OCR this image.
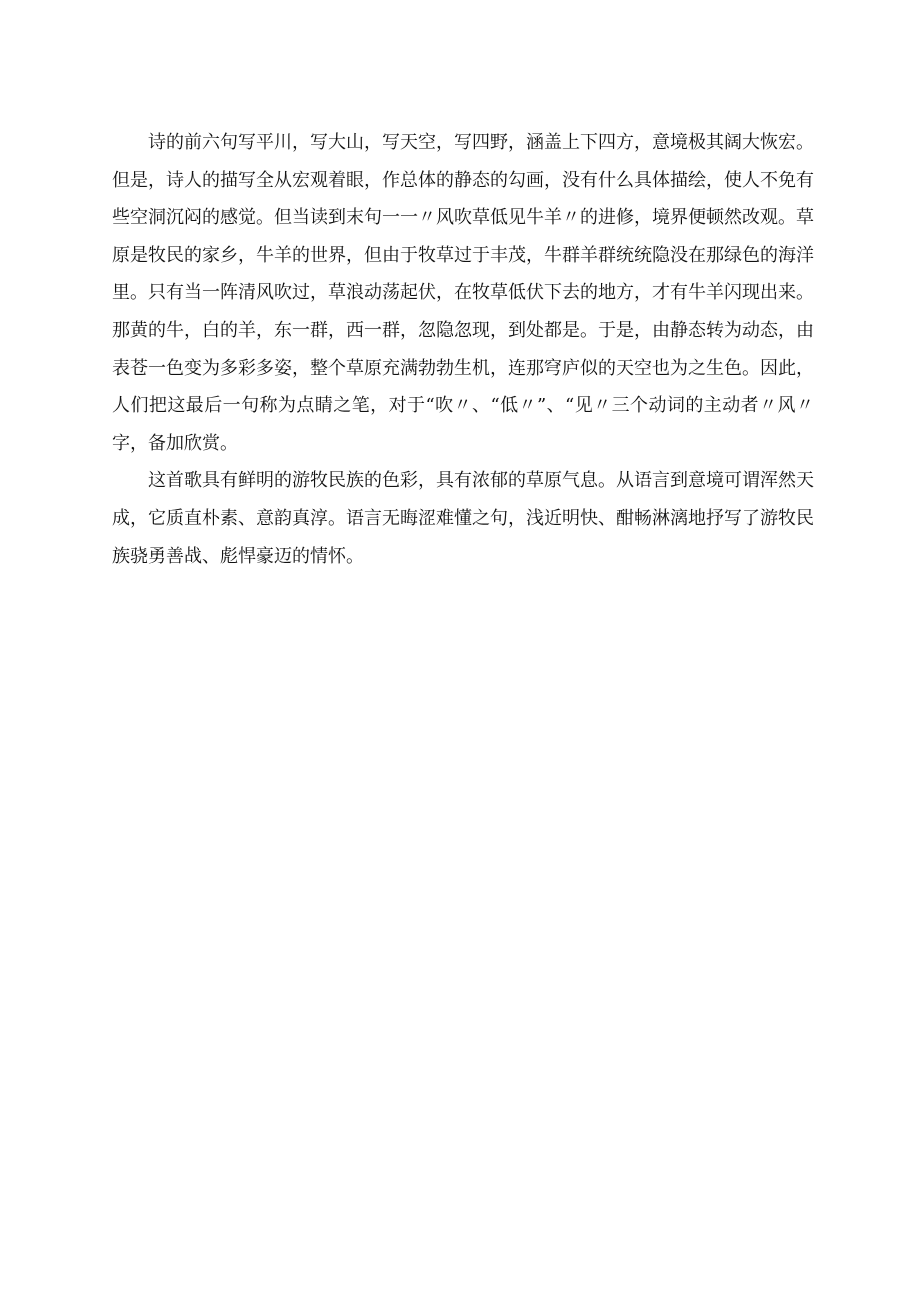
诗的前六句写平川，写大山，写天空，写四野，涵盖上下四方，意境极其阔大恢宏。但是，诗人的描写全从宏观着眼，作总体的静态的勾画，没有什么具体描绘，使人不免有些空洞沉闷的感觉。但当读到末句一一〃风吹草低见牛羊〃的进修，境界便顿然改观。草原是牧民的家乡，牛羊的世界，但由于牧草过于丰茂，牛群羊群统统隐没在那绿色的海洋里。只有当一阵清风吹过，草浪动荡起伏，在牧草低伏下去的地方，才有牛羊闪现出来。那黄的牛，白的羊，东一群，西一群，忽隐忽现，到处都是。于是，由静态转为动态，由表苍一色变为多彩多姿，整个草原充满勃勃生机，连那穹庐似的天空也为之生色。因此，人们把这最后一句称为点睛之笔，对于“吹〃、“低〃”、“见〃三个动词的主动者〃风〃字，备加欣赏。

这首歌具有鲜明的游牧民族的色彩，具有浓郁的草原气息。从语言到意境可谓浑然天成，它质直朴素、意韵真淳。语言无晦涩难懂之句，浅近明快、酣畅淋漓地抒写了游牧民族骁勇善战、彪悍豪迈的情怀。
